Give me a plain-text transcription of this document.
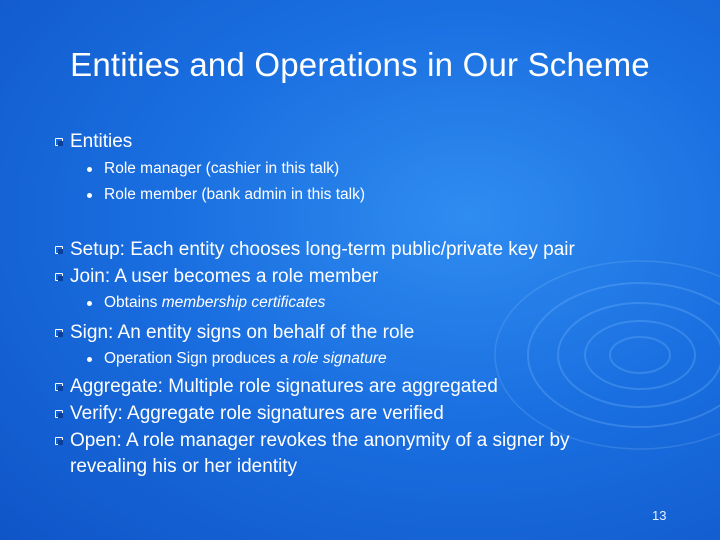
Entities and Operations in Our Scheme
Entities
Role manager (cashier in this talk)
Role member (bank admin in this talk)
Setup: Each entity chooses long-term public/private key pair
Join: A user becomes a role member
Obtains membership certificates
Sign: An entity signs on behalf of the role
Operation Sign produces a role signature
Aggregate: Multiple role signatures are aggregated
Verify: Aggregate role signatures are verified
Open: A role manager revokes the anonymity of a signer by
revealing his or her identity
13
